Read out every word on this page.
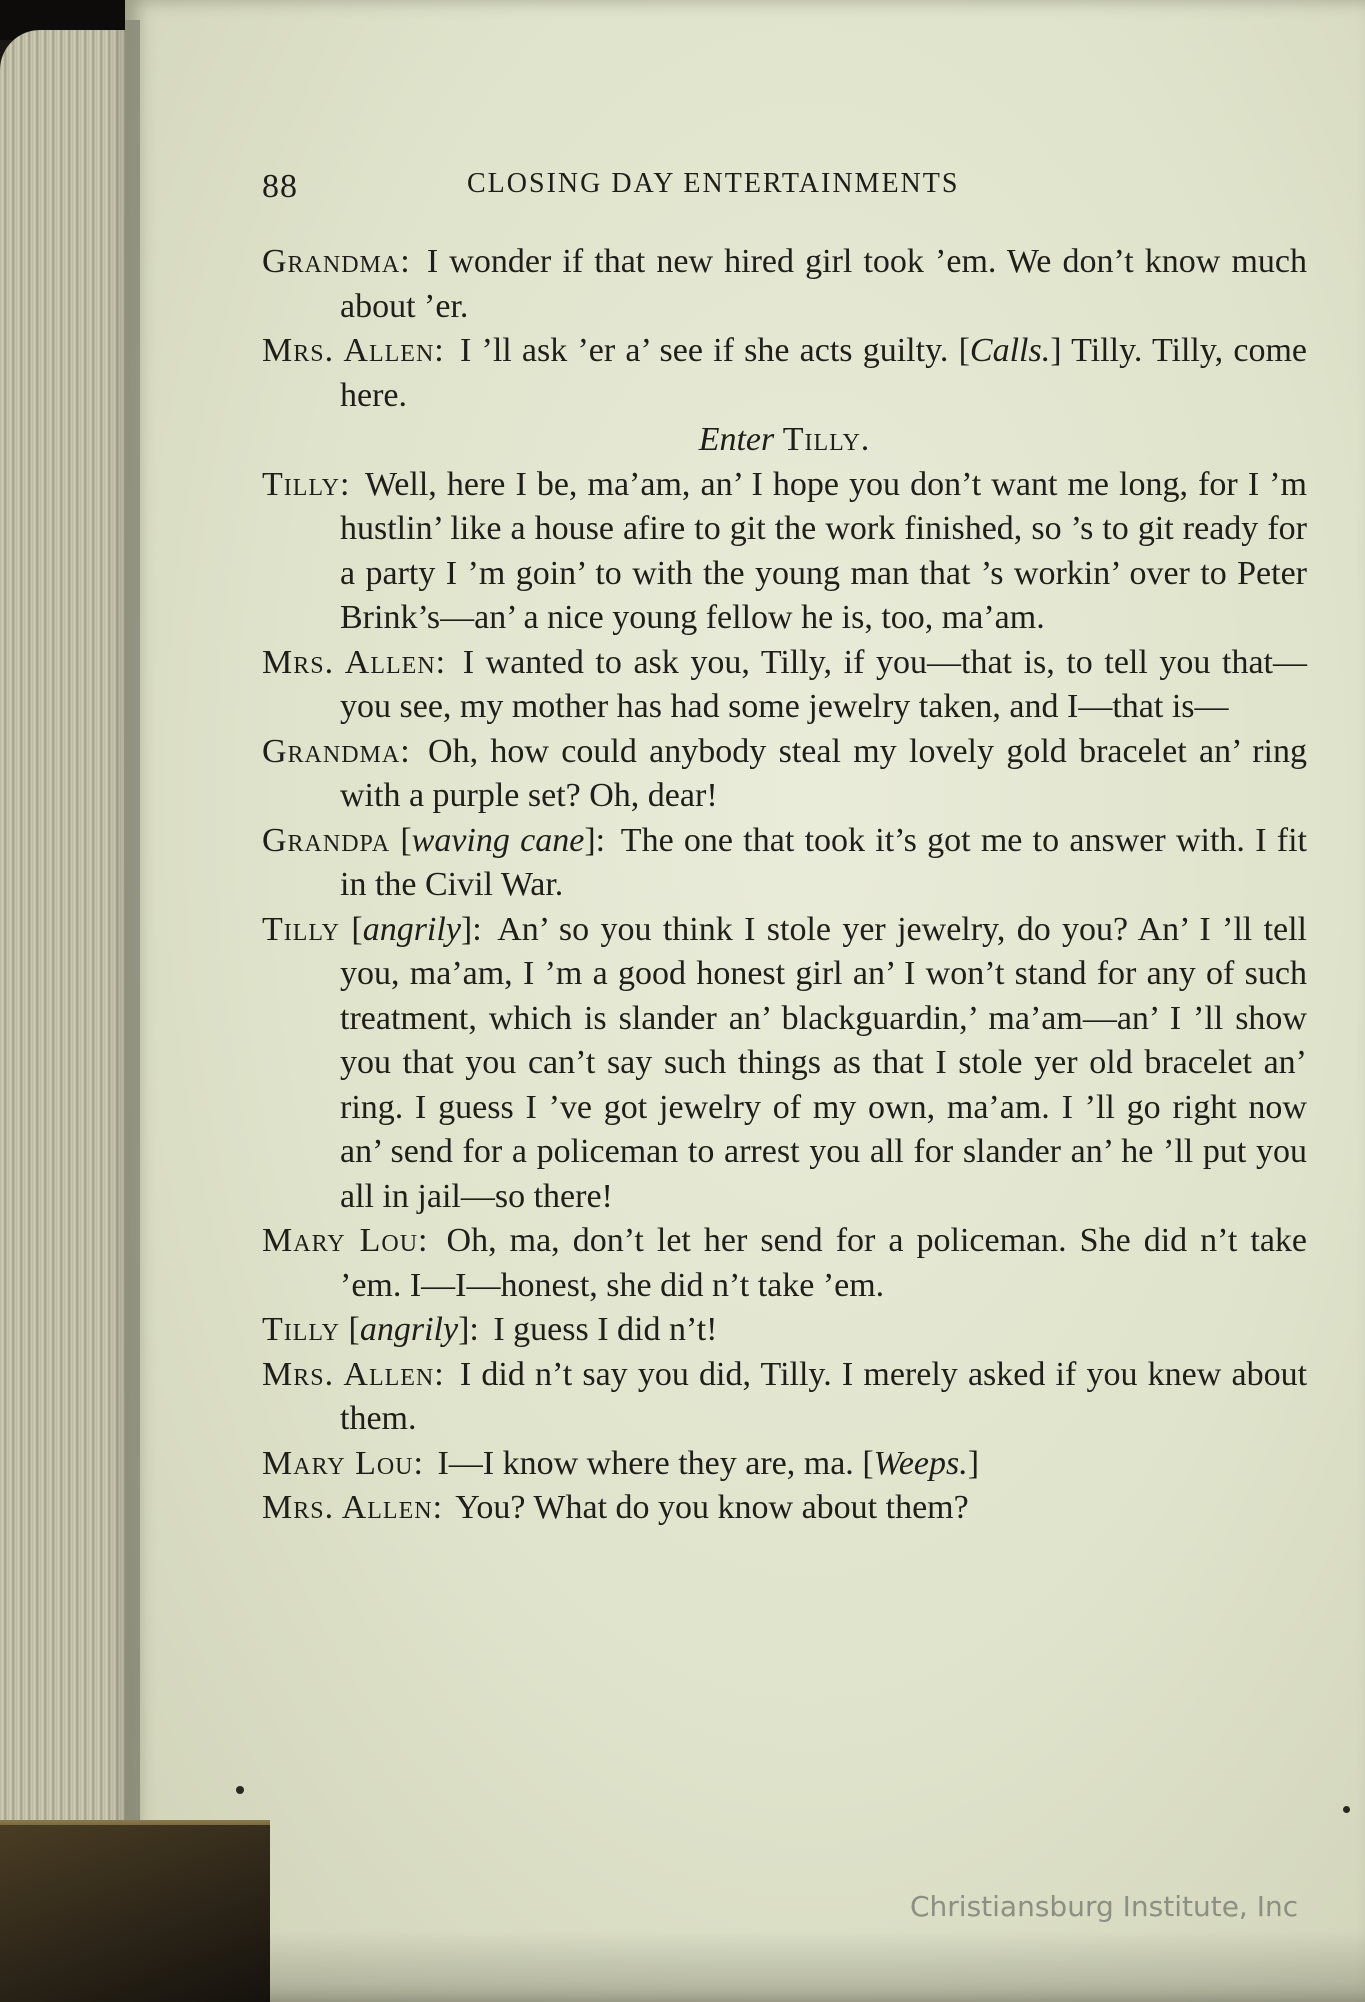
88	CLOSING DAY ENTERTAINMENTS

Grandma: I wonder if that new hired girl took ’em. We don’t know much about ’er.

Mrs. Allen: I ’ll ask ’er a’ see if she acts guilty. [Calls.] Tilly. Tilly, come here.

Enter Tilly.

Tilly: Well, here I be, ma’am, an’ I hope you don’t want me long, for I ’m hustlin’ like a house afire to git the work finished, so ’s to git ready for a party I ’m goin’ to with the young man that ’s workin’ over to Peter Brink’s—an’ a nice young fellow he is, too, ma’am.

Mrs. Allen: I wanted to ask you, Tilly, if you—that is, to tell you that—you see, my mother has had some jewelry taken, and I—that is—

Grandma: Oh, how could anybody steal my lovely gold bracelet an’ ring with a purple set? Oh, dear!

Grandpa [waving cane]: The one that took it’s got me to answer with. I fit in the Civil War.

Tilly [angrily]: An’ so you think I stole yer jewelry, do you? An’ I ’ll tell you, ma’am, I ’m a good honest girl an’ I won’t stand for any of such treatment, which is slander an’ blackguardin,’ ma’am—an’ I ’ll show you that you can’t say such things as that I stole yer old bracelet an’ ring. I guess I ’ve got jewelry of my own, ma’am. I ’ll go right now an’ send for a policeman to arrest you all for slander an’ he ’ll put you all in jail—so there!

Mary Lou: Oh, ma, don’t let her send for a policeman. She did n’t take ’em. I—I—honest, she did n’t take ’em.

Tilly [angrily]: I guess I did n’t!

Mrs. Allen: I did n’t say you did, Tilly. I merely asked if you knew about them.

Mary Lou: I—I know where they are, ma. [Weeps.]

Mrs. Allen: You? What do you know about them?

Christiansburg Institute, Inc
